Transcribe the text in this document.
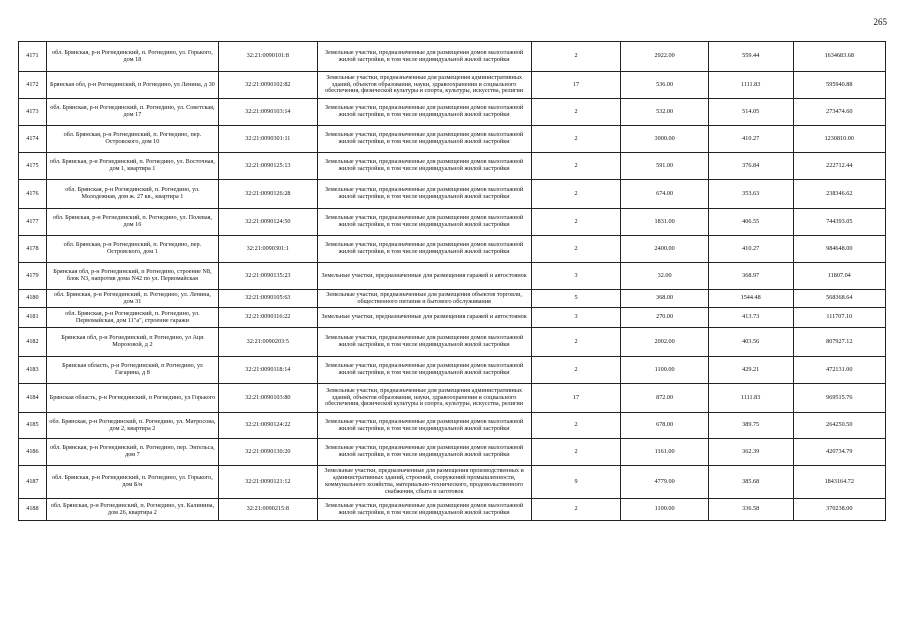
265
4171	обл. Брянская, р-н Рогнединский, п. Рогнедино, ул. Горького, дом 18	32:21:0090101:8	Земельные участки, предназначенные для размещения домов малоэтажной жилой застройки, в том числе индивидуальной жилой застройки	2	2922.00	559.44	1634683.68
4172	Брянская обл, р-н Рогнединский, п Рогнедино, ул Ленина, д 30	32:21:0090102:82	Земельные участки, предназначенные для размещения административных зданий, объектов образования, науки, здравоохранения и социального обеспечения, физической культуры и спорта, культуры, искусства, религии	17	536.00	1111.83	595940.88
4173	обл. Брянская, р-н Рогнединский, п. Рогнедино, ул. Советская, дом 17	32:21:0090103:14	Земельные участки, предназначенные для размещения домов малоэтажной жилой застройки, в том числе индивидуальной жилой застройки	2	532.00	514.05	273474.60
4174	обл. Брянская, р-н Рогнединский, п. Рогнедино, пер. Островского, дом 10	32:21:0090301:11	Земельные участки, предназначенные для размещения домов малоэтажной жилой застройки, в том числе индивидуальной жилой застройки	2	3000.00	410.27	1230810.00
4175	обл. Брянская, р-н Рогнединский, п. Рогнедино, ул. Восточная, дом 1, квартира 1	32:21:0090125:13	Земельные участки, предназначенные для размещения домов малоэтажной жилой застройки, в том числе индивидуальной жилой застройки	2	591.00	376.84	222712.44
4176	обл. Брянская, р-н Рогнединский, п. Рогнедино, ул. Молодежная, дом ж. 27 кв., квартира 1	32:21:0090126:28	Земельные участки, предназначенные для размещения домов малоэтажной жилой застройки, в том числе индивидуальной жилой застройки	2	674.00	353.63	238346.62
4177	обл. Брянская, р-н Рогнединский, п. Рогнедино, ул. Полевая, дом 16	32:21:0090124:50	Земельные участки, предназначенные для размещения домов малоэтажной жилой застройки, в том числе индивидуальной жилой застройки	2	1831.00	406.55	744393.05
4178	обл. Брянская, р-н Рогнединский, п. Рогнедино, пер. Островского, дом 1	32:21:0090301:1	Земельные участки, предназначенные для размещения домов малоэтажной жилой застройки, в том числе индивидуальной жилой застройки	2	2400.00	410.27	984648.00
4179	Брянская обл, р-н Рогнединский, п Рогнедино, строение N8, блок N3, напротив дома N42 по ул. Первомайская	32:21:0090135:23	Земельные участки, предназначенные для размещения гаражей и автостоянок	3	32.00	368.97	11807.04
4180	обл. Брянская, р-н Рогнединский, п. Рогнедино, ул. Ленина, дом 31	32:21:0090105:63	Земельные участки, предназначенные для размещения объектов торговли, общественного питания и бытового обслуживания	5	368.00	1544.48	568368.64
4181	обл. Брянская, р-н Рогнединский, п. Рогнедино, ул. Первомайская, дом 11"а", строение гаражи	32:21:0090116:22	Земельные участки, предназначенные для размещения гаражей и автостоянок	3	270.00	413.73	111707.10
4182	Брянская обл, р-н Рогнединский, п Рогнедино, ул Аци Морозовой, д 2	32:21:0090203:5	Земельные участки, предназначенные для размещения домов малоэтажной жилой застройки, в том числе индивидуальной жилой застройки	2	2002.00	403.56	807927.12
4183	Брянская область, р-н Рогнединский, п Рогнедино, ул Гагарина, д 8	32:21:0090118:14	Земельные участки, предназначенные для размещения домов малоэтажной жилой застройки, в том числе индивидуальной жилой застройки	2	1100.00	429.21	472131.00
4184	Брянская область, р-н Рогнединский, п Рогнедино, ул Горького	32:21:0090103:80	Земельные участки, предназначенные для размещения административных зданий, объектов образования, науки, здравоохранения и социального обеспечения, физической культуры и спорта, культуры, искусства, религии	17	872.00	1111.83	969515.76
4185	обл. Брянская, р-н Рогнединский, п. Рогнедино, ул. Матросова, дом 2, квартира 2	32:21:0090124:22	Земельные участки, предназначенные для размещения домов малоэтажной жилой застройки, в том числе индивидуальной жилой застройки	2	678.00	389.75	264250.50
4186	обл. Брянская, р-н Рогнединский, п. Рогнедино, пер. Энгельса, дом 7	32:21:0090130:20	Земельные участки, предназначенные для размещения домов малоэтажной жилой застройки, в том числе индивидуальной жилой застройки	2	1161.00	362.39	420734.79
4187	обл. Брянская, р-н Рогнединский, п. Рогнедино, ул. Горького, дом Б/н	32:21:0090121:12	Земельные участки, предназначенные для размещения производственных и административных зданий, строений, сооружений промышленности, коммунального хозяйства, материально-технического, продовольственного снабжения, сбыта и заготовок	9	4779.00	385.68	1843164.72
4188	обл. Брянская, р-н Рогнединский, п. Рогнедино, ул. Калинина, дом 26, квартира 2	32:21:0090215:8	Земельные участки, предназначенные для размещения домов малоэтажной жилой застройки, в том числе индивидуальной жилой застройки	2	1100.00	336.58	370238.00
